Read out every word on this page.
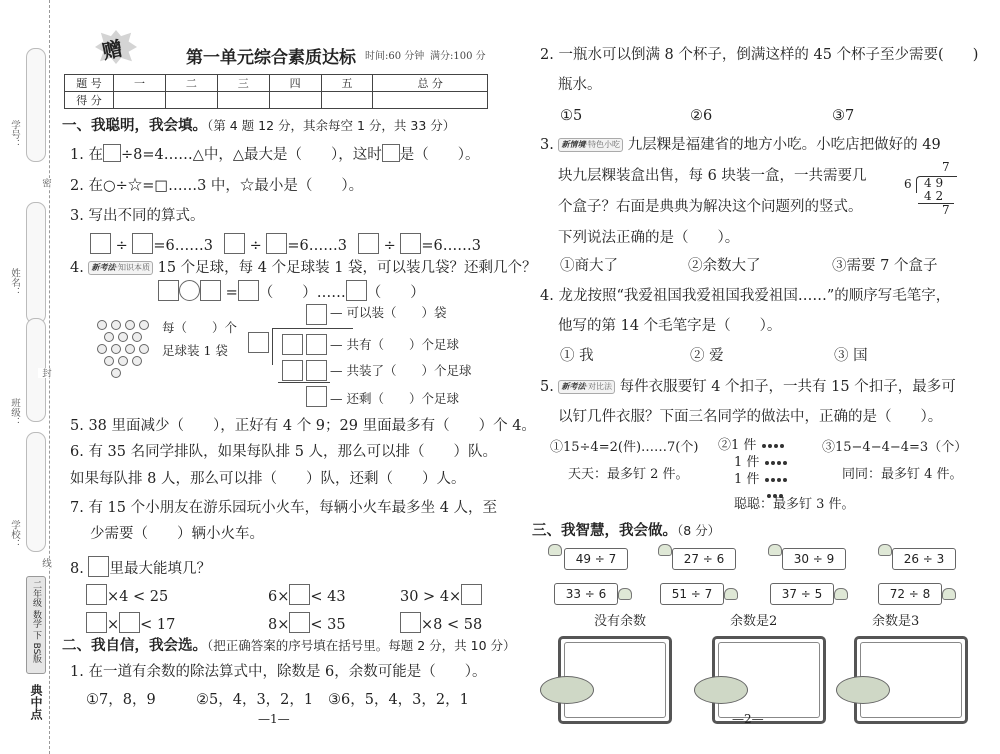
学号：
姓名：
班级：
学校：
密
封
线
二年级 数学 下 BS版
典中点
赠	第一单元综合素质达标 时间:60 分钟 满分:100 分
题 号	一	二	三	四	五	总 分
得 分						
一、我聪明，我会填。（第 4 题 12 分，其余每空 1 分，共 33 分）
1. 在 ÷8=4……△中，△最大是（　　），这时 是（　　）。
2. 在○÷☆=□……3 中，☆最小是（　　）。
3. 写出不同的算式。
÷ =6……3	÷ =6……3	÷ =6……3
4. 新考法·知识本质 15 个足球，每 4 个足球装 1 袋，可以装几袋？还剩几个？
= （　　）…… （　　）
每（　　）个
足球装 1 袋
— 可以装（　　）袋
— 共有（　　）个足球
— 共装了（　　）个足球
— 还剩（　　）个足球
5. 38 里面减少（　　），正好有 4 个 9；29 里面最多有（　　）个 4。
6. 有 35 名同学排队，如果每队排 5 人，那么可以排（　　）队。
如果每队排 8 人，那么可以排（　　）队，还剩（　　）人。
7. 有 15 个小朋友在游乐园玩小火车，每辆小火车最多坐 4 人，至
少需要（　　）辆小火车。
8. 里最大能填几？
×4 < 25	6× < 43	30 > 4×
× < 17	8× < 35	×8 < 58
二、我自信，我会选。（把正确答案的序号填在括号里。每题 2 分，共 10 分）
1. 在一道有余数的除法算式中，除数是 6，余数可能是（　　）。
①7，8，9	②5，4，3，2，1 ③6，5，4，3，2，1
—1—
2. 一瓶水可以倒满 8 个杯子，倒满这样的 45 个杯子至少需要(　　)
瓶水。
①5	②6	③7
3. 新情境·特色小吃 九层粿是福建省的地方小吃。小吃店把做好的 49
块九层粿装盒出售，每 6 块装一盒，一共需要几
个盒子？右面是典典为解决这个问题列的竖式。
下列说法正确的是（　　）。
7
6 4 9
4 2
7
①商大了	②余数大了	③需要 7 个盒子
4. 龙龙按照“我爱祖国我爱祖国我爱祖国……”的顺序写毛笔字，
他写的第 14 个毛笔字是（　　）。
① 我	② 爱	③ 国
5. 新考法·对比法 每件衣服要钉 4 个扣子，一共有 15 个扣子，最多可
以钉几件衣服？下面三名同学的做法中，正确的是（　　）。
①15÷4=2(件)……7(个) ②1 件
1 件
1 件
③15−4−4−4=3（个）
天天：最多钉 2 件。	同同：最多钉 4 件。
聪聪：最多钉 3 件。
三、我智慧，我会做。（8 分）
49 ÷ 7	27 ÷ 6	30 ÷ 9	26 ÷ 3
33 ÷ 6	51 ÷ 7	37 ÷ 5	72 ÷ 8
没有余数	余数是2	余数是3
—2—
